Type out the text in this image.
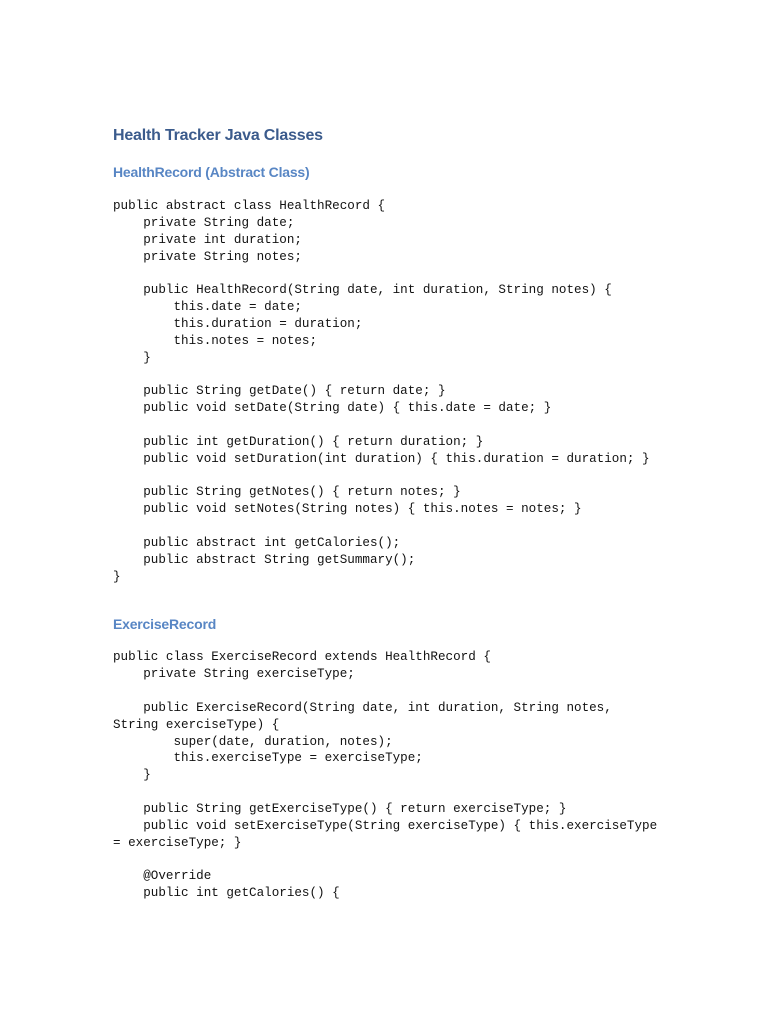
Health Tracker Java Classes
HealthRecord (Abstract Class)
public abstract class HealthRecord {
private String date;
private int duration;
private String notes;

public HealthRecord(String date, int duration, String notes) {
this.date = date;
this.duration = duration;
this.notes = notes;
}

public String getDate() { return date; }
public void setDate(String date) { this.date = date; }

public int getDuration() { return duration; }
public void setDuration(int duration) { this.duration = duration; }

public String getNotes() { return notes; }
public void setNotes(String notes) { this.notes = notes; }

public abstract int getCalories();
public abstract String getSummary();
}
ExerciseRecord
public class ExerciseRecord extends HealthRecord {
private String exerciseType;

public ExerciseRecord(String date, int duration, String notes,
String exerciseType) {
super(date, duration, notes);
this.exerciseType = exerciseType;
}

public String getExerciseType() { return exerciseType; }
public void setExerciseType(String exerciseType) { this.exerciseType
= exerciseType; }

@Override
public int getCalories() {
